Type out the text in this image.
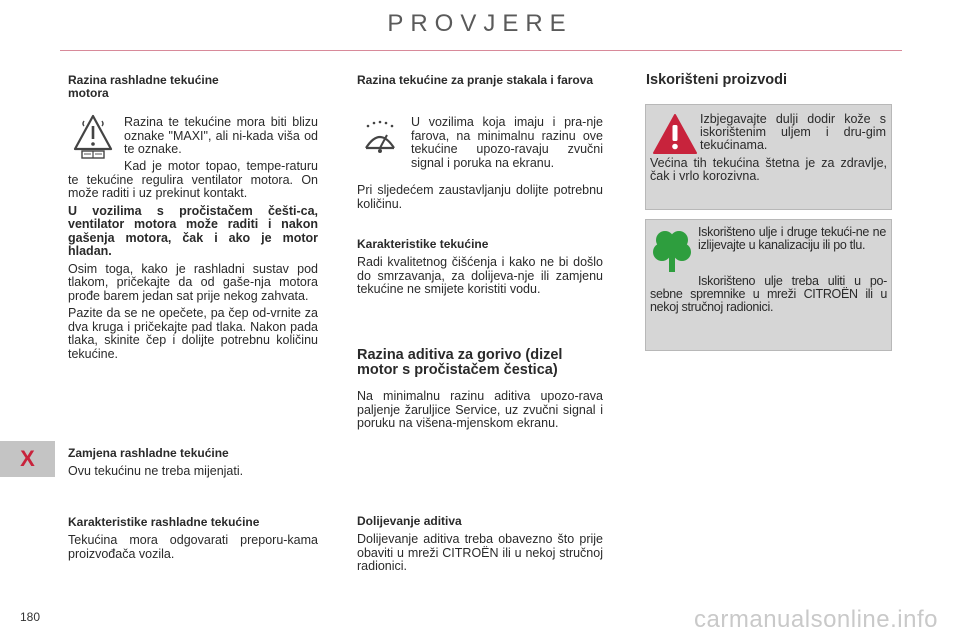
PROVJERE
X
180	carmanualsonline.info
Razina rashladne tekućine motora

Razina te tekućine mora biti blizu oznake "MAXI", ali ni-kada viša od te oznake.

Kad je motor topao, tempe-raturu te tekućine regulira ventilator motora. On može raditi i uz prekinut kontakt.

U vozilima s pročistačem češti-ca, ventilator motora može raditi i nakon gašenja motora, čak i ako je motor hladan.

Osim toga, kako je rashladni sustav pod tlakom, pričekajte da od gaše-nja motora prođe barem jedan sat prije nekog zahvata.

Pazite da se ne opečete, pa čep od-vrnite za dva kruga i pričekajte pad tlaka. Nakon pada tlaka, skinite čep i dolijte potrebnu količinu tekućine.

Zamjena rashladne tekućine

Ovu tekućinu ne treba mijenjati.

Karakteristike rashladne tekućine

Tekućina mora odgovarati preporu-kama proizvođača vozila.

Razina tekućine za pranje stakala i farova

U vozilima koja imaju i pra-nje farova, na minimalnu razinu ove tekućine upozo-ravaju zvučni signal i poruka na ekranu.

Pri sljedećem zaustavljanju dolijte potrebnu količinu.

Karakteristike tekućine

Radi kvalitetnog čišćenja i kako ne bi došlo do smrzavanja, za dolijeva-nje ili zamjenu tekućine ne smijete koristiti vodu.

Razina aditiva za gorivo (dizel motor s pročistačem čestica)

Na minimalnu razinu aditiva upozo-rava paljenje žaruljice Service, uz zvučni signal i poruku na višena-mjenskom ekranu.

Dolijevanje aditiva

Dolijevanje aditiva treba obavezno što prije obaviti u mreži CITROËN ili u nekoj stručnoj radionici.

Iskorišteni proizvodi

Izbjegavajte dulji dodir kože s iskorištenim uljem i dru-gim tekućinama.

Većina tih tekućina štetna je za zdravlje, čak i vrlo korozivna.

Iskorišteno ulje i druge tekući-ne ne izlijevajte u kanalizaciju ili po tlu.

Iskorišteno ulje treba uliti u po-sebne spremnike u mreži CITROËN ili u nekoj stručnoj radionici.
